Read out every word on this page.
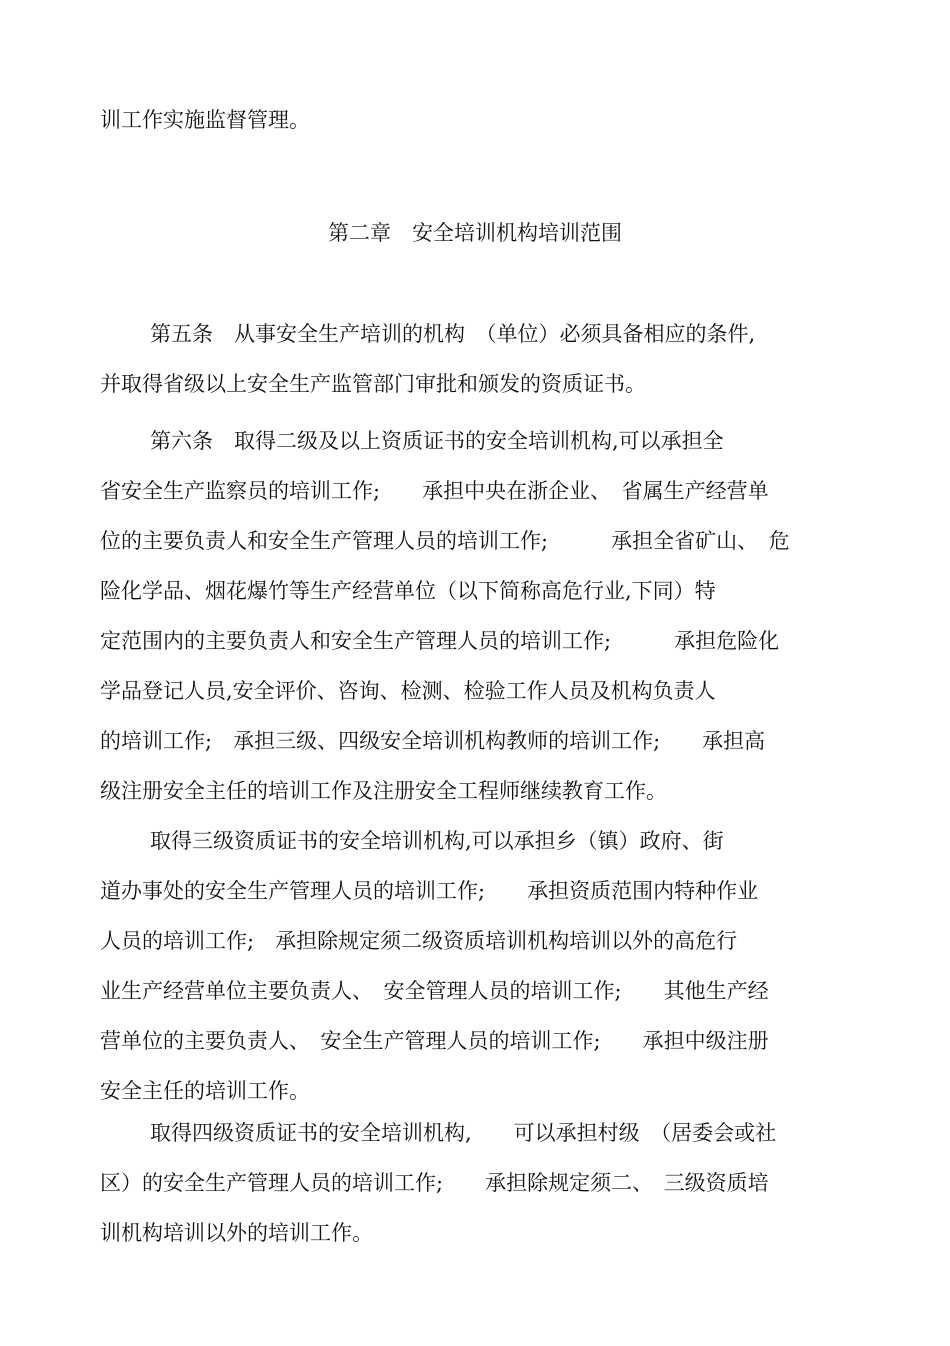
训工作实施监督管理。

第二章　安全培训机构培训范围

第五条　从事安全生产培训的机构　（单位）必须具备相应的条件,

并取得省级以上安全生产监管部门审批和颁发的资质证书。

第六条　取得二级及以上资质证书的安全培训机构,可以承担全

省安全生产监察员的培训工作;　　承担中央在浙企业、　省属生产经营单

位的主要负责人和安全生产管理人员的培训工作;　　　承担全省矿山、　危

险化学品、烟花爆竹等生产经营单位（以下简称高危行业,下同）特

定范围内的主要负责人和安全生产管理人员的培训工作;　　　承担危险化

学品登记人员,安全评价、咨询、检测、检验工作人员及机构负责人

的培训工作;　承担三级、四级安全培训机构教师的培训工作;　　承担高

级注册安全主任的培训工作及注册安全工程师继续教育工作。

取得三级资质证书的安全培训机构,可以承担乡（镇）政府、街

道办事处的安全生产管理人员的培训工作;　　承担资质范围内特种作业

人员的培训工作;　承担除规定须二级资质培训机构培训以外的高危行

业生产经营单位主要负责人、　安全管理人员的培训工作;　　其他生产经

营单位的主要负责人、　安全生产管理人员的培训工作;　　承担中级注册

安全主任的培训工作。

取得四级资质证书的安全培训机构,　　可以承担村级　（居委会或社

区）的安全生产管理人员的培训工作;　　承担除规定须二、　三级资质培

训机构培训以外的培训工作。
